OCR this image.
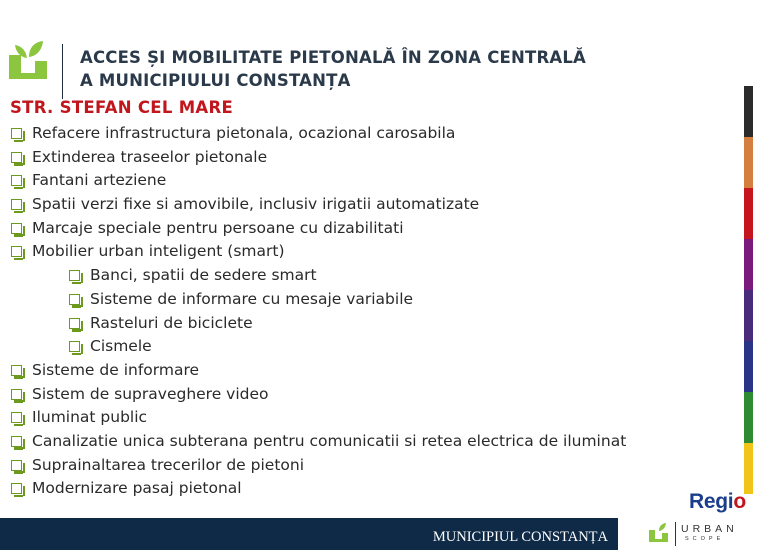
ACCES ȘI MOBILITATE PIETONALĂ ÎN ZONA CENTRALĂ
A MUNICIPIULUI CONSTANȚA
STR. STEFAN CEL MARE
Refacere infrastructura pietonala, ocazional carosabila
Extinderea traseelor pietonale
Fantani arteziene
Spatii verzi fixe si amovibile, inclusiv irigatii automatizate
Marcaje speciale pentru persoane cu dizabilitati
Mobilier urban inteligent (smart)
Banci, spatii de sedere smart
Sisteme de informare cu mesaje variabile
Rasteluri de biciclete
Cismele
Sisteme de informare
Sistem de supraveghere video
Iluminat public
Canalizatie unica subterana pentru comunicatii si retea electrica de iluminat
Suprainaltarea trecerilor de pietoni
Modernizare pasaj pietonal
Regio
MUNICIPIUL CONSTANȚA	URBAN
SCOPE
